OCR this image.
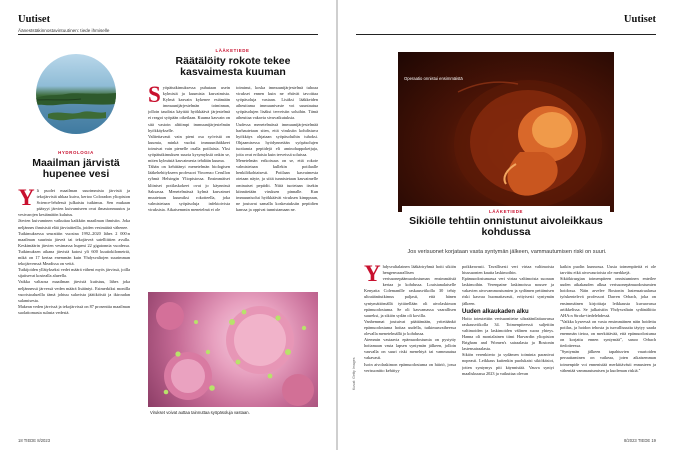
Uutiset
Ääneststäkinnostavintuutinen: tiede ihmiselle
HYDROLOGIA
Maailman järvistä hupenee vesi
Y li puolet maailman suurimmista järvistä ja tekojärvistä uhkaa kuiva, kertoo Coloradon yliopiston Science-lehdessä julkaistu tutkimus. Sen mukaan pääsyyt järvien kuivumiseen ovat ilmastonmuutos ja vesivarojen kestämätön kulutus.

Järvien kuivuminen vaikuttaa kaikkiin maailman ihmisiin. Joka neljännes ihmisistä elää järviaitteilla, joiden vesimäärä vähenee.

Tutkimuksessa seurattiin vuosina 1992–2020 lähes 2 000:n maailman suurinta järveä tai tekojärveä satelliittien avulla. Keskimäärin järvien vesimassa hupeni 22 gigatonnia vuodessa. Tutkimuksen aikana järvistä katosi yli 600 kuutiokilometriä, mikä on 17 kertaa enemmän kuin Yhdysvaltojen suurimman tekojärvenssä Meadissa on vettä.

Tutkijoiden yllätykseksi vedet määrä väheni myös järvissä, joilla sijaitsevat kostealla alueella.

Vaikka valtaosa maailman järvistä kutistuu, lähes joka neljännessä järvessä veden määrä lisääntyi. Esimerkiksi monilla vuoristoalueilla tämä johtuu sulavista jäätiköistä ja ikiroudan sulamisesta.

Makean veden järvissä ja tekojärvissä on 87 prosenttia maailman suolattomasta sulasta vedestä.

LÄÄKETIEDE
Räätälöity rokote tekee kasvaimesta kuuman
S yöpätutkimuksessa puhutaan usein kylmistä ja kuumista kasvaimista. Kylmä kasvain kykenee estämään immuunijärjestelmän toiminnan, jolloin taudista käyttää hyökkäävä järjestelmä ei reagoi syöpään oikeilaan. Kuuma kasvain on sitä vastoin alttiimpi immuunijärjestelmän hyökkäykselle.

Valitettavasti vain pieni osa syövistä on kuumia, minkä vuoksi immuunihäkkeet toimivat vain pienelle osalla potilaista. Yksi syöpätutkimuksen suuria kysymyksiä onkin se, miten kylmästä kasvaimesta tehdään kuuma.

Tähän on kehittänyt menetelmän biologisen lääkehehitykseen professori Vincenzo Cerullon ryhmä Helsingin Yliopistossa. Ensimmäiset kliiniset potilaskokeet ovat jo käynnissä Saksassa. Menetelmässä kylmä kasvaimet muutetaan kuumiksi rokotteella, joka valmistetaan syöpäsoluja infektoivista viruksista. Aikaisemmin menetelmä ei ole

toiminut, koska immuunijärjestelmä tuhoaa virukset ennen kuin ne ehtivät tavoittaa syöpäsoluja vastaan. Lisäksi lääkkeiden aiheuttama immuunivaste voi suuntautua syöpäsolujen lisäksi terveisiin soluihin. Tämä aiheuttaa vakavia sivuvaikutuksia.

Uudessa menetelmässä immuunijärjestelmää harhautetaan siten, että viruksiin kohdistuva hyökkäys ohjataan syöpäsoluihin tuhoksi. Ohjaamisessa hyödynnetään syöpäsolujen tuottamia peptidejä eli aminohappoketjuja, joita ovat erilaisia kuin terveissä soluissa.

Menetelmän erikoisuus on se, että rokote valmistetaan kullekin potilaalle henkilökohtaisesti. Potilaan kasvaimesta otetaan näyte, ja siitä tunnistetaan kasvaimelle ominaiset peptidit. Niitä tuotetaan itsekin kiinnitetään viruksen pinnalle. Kun immuunisolut hyökkäävät viruksen kimppuun, ne joutuvat samalla koskeutuksiin peptidien kanssa ja oppivat tunnistamaan ne.

Virukset voivat auttaa tainnuttaa syöpäsoluja vastaan.
18 TIEDE 8/2023
Uutiset
Operaatio onnistui ensimmäistä
LÄÄKETIEDE
Sikiölle tehtiin onnistunut aivoleikkaus kohdussa
Jos verisuonet korjataan vasta syntymän jälkeen, vammautumisen riski on suuri.
Kuvat: Getty Images
Y hdysvaltalainen lääkäriryhmä hoiti sikiön hengenvaarallisen verisuonepäämuodostuman ensimmäistä kertaa jo kohdussa. Louisianalaiselle Kenyatta Colemanille raskausviikolla 30 tehty ultraäänitutkimus paljasti, että hänen syntymättömällä tyttärellään oli aivolaskimon epämuodostuma. Se oli kasvamassa vaarallisen suureksi, ja sikiön sydän oli kovilla.

Vanhemmat joutuivat päättämään, yritetäänkö epämuodostuma hoitaa uudella, tutkimusvaiheessa olevalla menetelmällä jo kohdussa.

Aiemmin vastaavia epämuodostumia on pystytty hoitamaan vasta lapsen syntymän jälkeen, jolloin vauvalla on suuri riski menehtyä tai vammautua vakavasti.

Isoin aivolaskimon epämuodostuma on häiriö, jossa verisuonitto kehittyy

poikkeavasti. Tavallisesti veri virtaa valtimoista hiussuonten kautta laskimoihin.

Epämuodostumassa veri virtaa valtimoista suoraan laskimoihin. Verenpaine laskimoissa nousee ja vakavien aivovammoutumien ja sydämen pettämisen riski kasvaa huomattavasti, erityisesti syntymän jälkeen.

Uuden alkaukaden alku

Hoito toteutettiin verisuonitetse ultraäänilaitaavassa raskausviikolla 34. Toimenpiteessä suljettiin valtimoiden ja laskimoiden välinen suora yhteys. Hanna oli monialainen tiimi Harvardin yliopiston Brigham and Women's sairaalasta ja Bostonin lastensairaalasta.

Sikiön verenkierto ja sydämen toiminta paranivat nopeasti. Leikkaus kuitenkin puolukaisi sikiökäsiot, jotten syntymys piti käynnistää. Vauva syntyi maaliskuussa 2023 ja vaikuttaa olevan

kaikin puolin kunnossa. Uusia toimenpiteitä ei ole tarvittu eikä aivovaurioista ole merkkejä.

Sikiökirurgian toimenpiteen onnistuminen enteilee uuden aikakauden alkua verisuonepämuodostumien hoidossa. Näin arvelee Bostonin lastensairaalassa työskentelevä professori Darren Orbach, joka on ensimmäinen kirjoittaja leikkausta kuvaavassa artikkelissa. Se julkaistiin Yhdysvaltain sydänäliitto AHA:n Stroke-tiedelehdessä.

"Vaikka kyseessä on vasta ensimmäinen näin hoidettu potilas, ja hoidon tehosta ja turvallisuutta täytyy saada enemmän tietoa, on merkittävää, että epämuodostuma on korjattu ennen syntymää", sanoo Orbach tiedotteessa.

"Syntymän jälkeen tapahtuvien vaurioiden peruuttaminen on vaikeaa, joten aikaisemman toimenpide voi ennenistää merkittävästi ennusteen ja vähentää vammautumisen ja kuoleman riskiä."

8/2023 TIEDE 19
